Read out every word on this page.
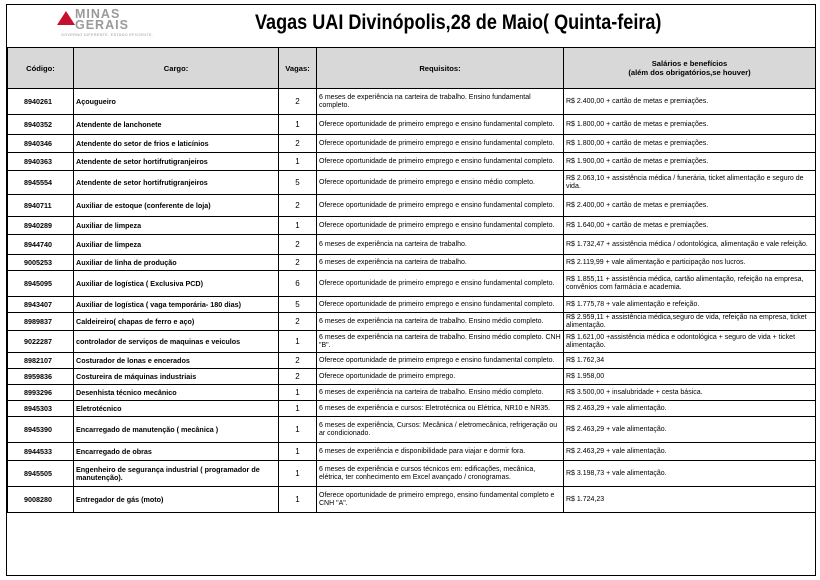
MINAS
GERAIS
GOVERNO DIFERENTE. ESTADO EFICIENTE.
Vagas UAI Divinópolis,28 de Maio( Quinta-feira)
Código:	Cargo:	Vagas:	Requisitos:	Salários e benefícios
(além dos obrigatórios,se houver)

8940261	Açougueiro	2	6 meses de experiência na carteira de trabalho. Ensino fundamental completo.	R$ 2.400,00 + cartão de metas e premiações.
8940352	Atendente de lanchonete	1	Oferece oportunidade de primeiro emprego e ensino fundamental completo.	R$ 1.800,00 + cartão de metas e premiações.
8940346	Atendente do setor de frios e laticínios	2	Oferece oportunidade de primeiro emprego e ensino fundamental completo.	R$ 1.800,00 + cartão de metas e premiações.
8940363	Atendente de setor hortifrutigranjeiros	1	Oferece oportunidade de primeiro emprego e ensino fundamental completo.	R$ 1.900,00 + cartão de metas e premiações.
8945554	Atendente de setor hortifrutigranjeiros	5	Oferece oportunidade de primeiro emprego e ensino médio completo.	R$ 2.063,10 + assistência médica / funerária, ticket alimentação e seguro de vida.
8940711	Auxiliar de estoque (conferente de loja)	2	Oferece oportunidade de primeiro emprego e ensino fundamental completo.	R$ 2.400,00 + cartão de metas e premiações.
8940289	Auxiliar de limpeza	1	Oferece oportunidade de primeiro emprego e ensino fundamental completo.	R$ 1.640,00 + cartão de metas e premiações.
8944740	Auxiliar de limpeza	2	6 meses de experiência na carteira de trabalho.	R$ 1.732,47 + assistência médica / odontológica, alimentação e vale refeição.
9005253	Auxiliar de linha de produção	2	6 meses de experiência na carteira de trabalho.	R$ 2.119,99 + vale alimentação e participação nos lucros.
8945095	Auxiliar de logística ( Exclusiva PCD)	6	Oferece oportunidade de primeiro emprego e ensino fundamental completo.	R$ 1.855,11 + assistência médica, cartão alimentação, refeição na empresa, convênios com farmácia e academia.
8943407	Auxiliar de logística ( vaga temporária- 180 dias)	5	Oferece oportunidade de primeiro emprego e ensino fundamental completo.	R$ 1.775,78 + vale alimentação e refeição.
8989837	Caldeireiro( chapas de ferro e aço)	2	6 meses de experiência na carteira de trabalho. Ensino médio completo.	R$ 2.959,11 + assistência médica,seguro de vida, refeição na empresa, ticket alimentação.
9022287	controlador de serviços de maquinas e veiculos	1	6 meses de experiência na carteira de trabalho. Ensino médio completo. CNH "B".	R$ 1.621,00 +assistência médica e odontológica + seguro de vida + ticket alimentação.
8982107	Costurador de lonas e encerados	2	Oferece oportunidade de primeiro emprego e ensino fundamental completo.	R$ 1.762,34
8959836	Costureira de máquinas industriais	2	Oferece oportunidade de primeiro emprego.	R$ 1.958,00
8993296	Desenhista técnico mecânico	1	6 meses de experiência na carteira de trabalho. Ensino médio completo.	R$ 3.500,00 + insalubridade + cesta básica.
8945303	Eletrotécnico	1	6 meses de experiência e cursos: Eletrotécnica ou Elétrica, NR10 e NR35.	R$ 2.463,29 + vale alimentação.
8945390	Encarregado de manutenção ( mecânica )	1	6 meses de experiência, Cursos: Mecânica / eletromecânica, refrigeração ou ar condicionado.	R$ 2.463,29 + vale alimentação.
8944533	Encarregado de obras	1	6 meses de experiência e disponibilidade para viajar e dormir fora.	R$ 2.463,29 + vale alimentação.
8945505	Engenheiro de segurança industrial ( programador de manutenção).	1	6 meses de experiência e cursos técnicos em: edificações, mecânica, elétrica, ter conhecimento em Excel avançado / cronogramas.	R$ 3.198,73 + vale alimentação.
9008280	Entregador de gás (moto)	1	Oferece oportunidade de primeiro emprego, ensino fundamental completo e CNH "A".	R$ 1.724,23
